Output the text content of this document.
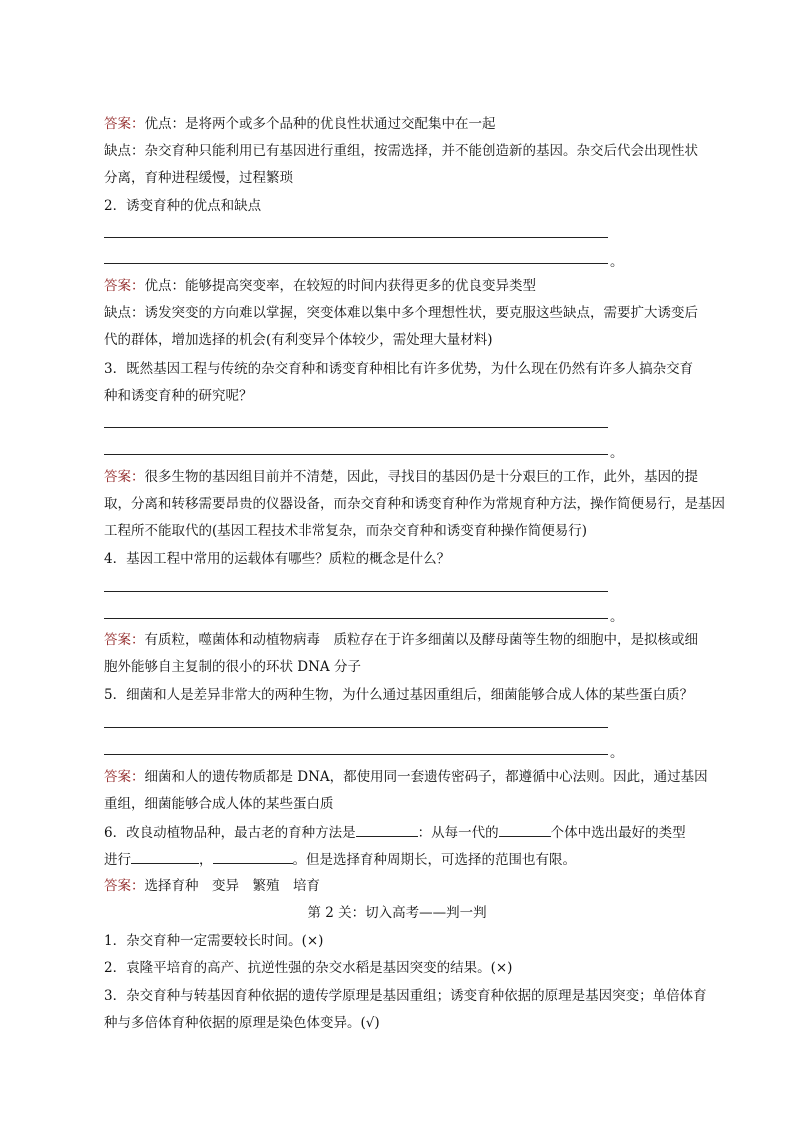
答案：优点：是将两个或多个品种的优良性状通过交配集中在一起
缺点：杂交育种只能利用已有基因进行重组，按需选择，并不能创造新的基因。杂交后代会出现性状
分离，育种进程缓慢，过程繁琐
2．诱变育种的优点和缺点
。
答案：优点：能够提高突变率，在较短的时间内获得更多的优良变异类型
缺点：诱发突变的方向难以掌握，突变体难以集中多个理想性状，要克服这些缺点，需要扩大诱变后
代的群体，增加选择的机会(有利变异个体较少，需处理大量材料)
3．既然基因工程与传统的杂交育种和诱变育种相比有许多优势，为什么现在仍然有许多人搞杂交育
种和诱变育种的研究呢？
。
答案：很多生物的基因组目前并不清楚，因此，寻找目的基因仍是十分艰巨的工作，此外，基因的提
取，分离和转移需要昂贵的仪器设备，而杂交育种和诱变育种作为常规育种方法，操作简便易行，是基因
工程所不能取代的(基因工程技术非常复杂，而杂交育种和诱变育种操作简便易行)
4．基因工程中常用的运载体有哪些？质粒的概念是什么？
。
答案：有质粒，噬菌体和动植物病毒　质粒存在于许多细菌以及酵母菌等生物的细胞中，是拟核或细
胞外能够自主复制的很小的环状 DNA 分子
5．细菌和人是差异非常大的两种生物，为什么通过基因重组后，细菌能够合成人体的某些蛋白质？
。
答案：细菌和人的遗传物质都是 DNA，都使用同一套遗传密码子，都遵循中心法则。因此，通过基因
重组，细菌能够合成人体的某些蛋白质
6．改良动植物品种，最古老的育种方法是	：从每一代的	个体中选出最好的类型
进行	，	。但是选择育种周期长，可选择的范围也有限。
答案：选择育种　变异　繁殖　培育
第 2 关：切入高考——判一判
1．杂交育种一定需要较长时间。(×)
2．袁隆平培育的高产、抗逆性强的杂交水稻是基因突变的结果。(×)
3．杂交育种与转基因育种依据的遗传学原理是基因重组；诱变育种依据的原理是基因突变；单倍体育
种与多倍体育种依据的原理是染色体变异。(√)
